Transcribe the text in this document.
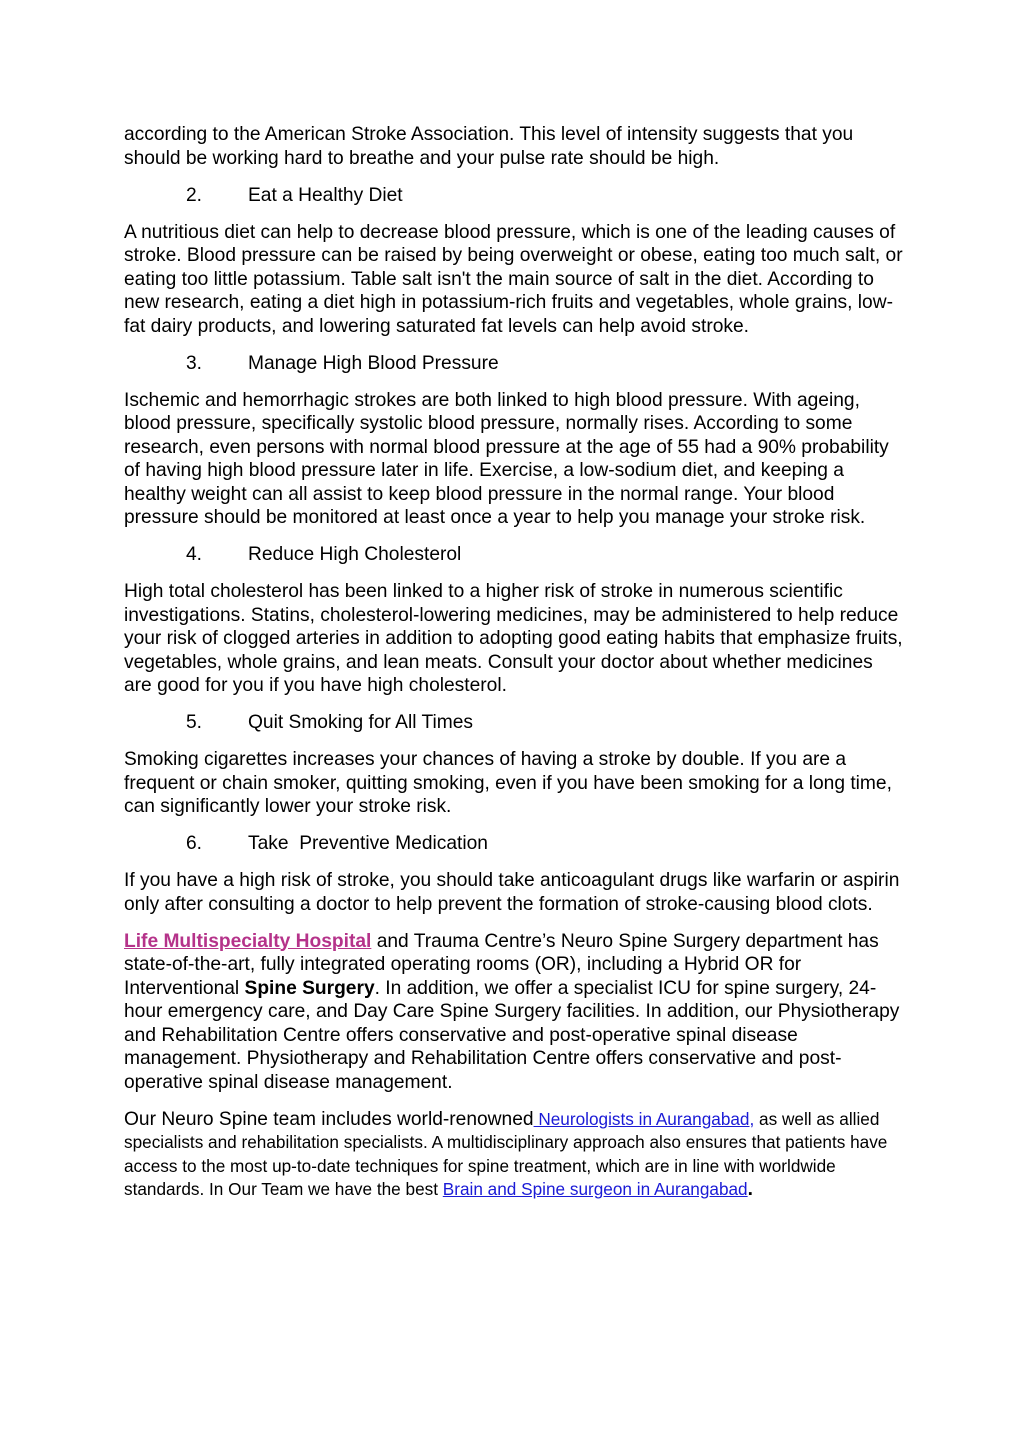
according to the American Stroke Association. This level of intensity suggests that you should be working hard to breathe and your pulse rate should be high.

2. Eat a Healthy Diet

A nutritious diet can help to decrease blood pressure, which is one of the leading causes of stroke. Blood pressure can be raised by being overweight or obese, eating too much salt, or eating too little potassium. Table salt isn't the main source of salt in the diet. According to new research, eating a diet high in potassium-rich fruits and vegetables, whole grains, low-fat dairy products, and lowering saturated fat levels can help avoid stroke.

3. Manage High Blood Pressure

Ischemic and hemorrhagic strokes are both linked to high blood pressure. With ageing, blood pressure, specifically systolic blood pressure, normally rises. According to some research, even persons with normal blood pressure at the age of 55 had a 90% probability of having high blood pressure later in life. Exercise, a low-sodium diet, and keeping a healthy weight can all assist to keep blood pressure in the normal range. Your blood pressure should be monitored at least once a year to help you manage your stroke risk.

4. Reduce High Cholesterol

High total cholesterol has been linked to a higher risk of stroke in numerous scientific investigations. Statins, cholesterol-lowering medicines, may be administered to help reduce your risk of clogged arteries in addition to adopting good eating habits that emphasize fruits, vegetables, whole grains, and lean meats. Consult your doctor about whether medicines are good for you if you have high cholesterol.

5. Quit Smoking for All Times

Smoking cigarettes increases your chances of having a stroke by double. If you are a frequent or chain smoker, quitting smoking, even if you have been smoking for a long time, can significantly lower your stroke risk.

6. Take  Preventive Medication

If you have a high risk of stroke, you should take anticoagulant drugs like warfarin or aspirin only after consulting a doctor to help prevent the formation of stroke-causing blood clots.

Life Multispecialty Hospital and Trauma Centre’s Neuro Spine Surgery department has state-of-the-art, fully integrated operating rooms (OR), including a Hybrid OR for Interventional Spine Surgery. In addition, we offer a specialist ICU for spine surgery, 24-hour emergency care, and Day Care Spine Surgery facilities. In addition, our Physiotherapy and Rehabilitation Centre offers conservative and post-operative spinal disease management. Physiotherapy and Rehabilitation Centre offers conservative and post-operative spinal disease management.

Our Neuro Spine team includes world-renowned Neurologists in Aurangabad, as well as allied specialists and rehabilitation specialists. A multidisciplinary approach also ensures that patients have access to the most up-to-date techniques for spine treatment, which are in line with worldwide standards. In Our Team we have the best Brain and Spine surgeon in Aurangabad.
